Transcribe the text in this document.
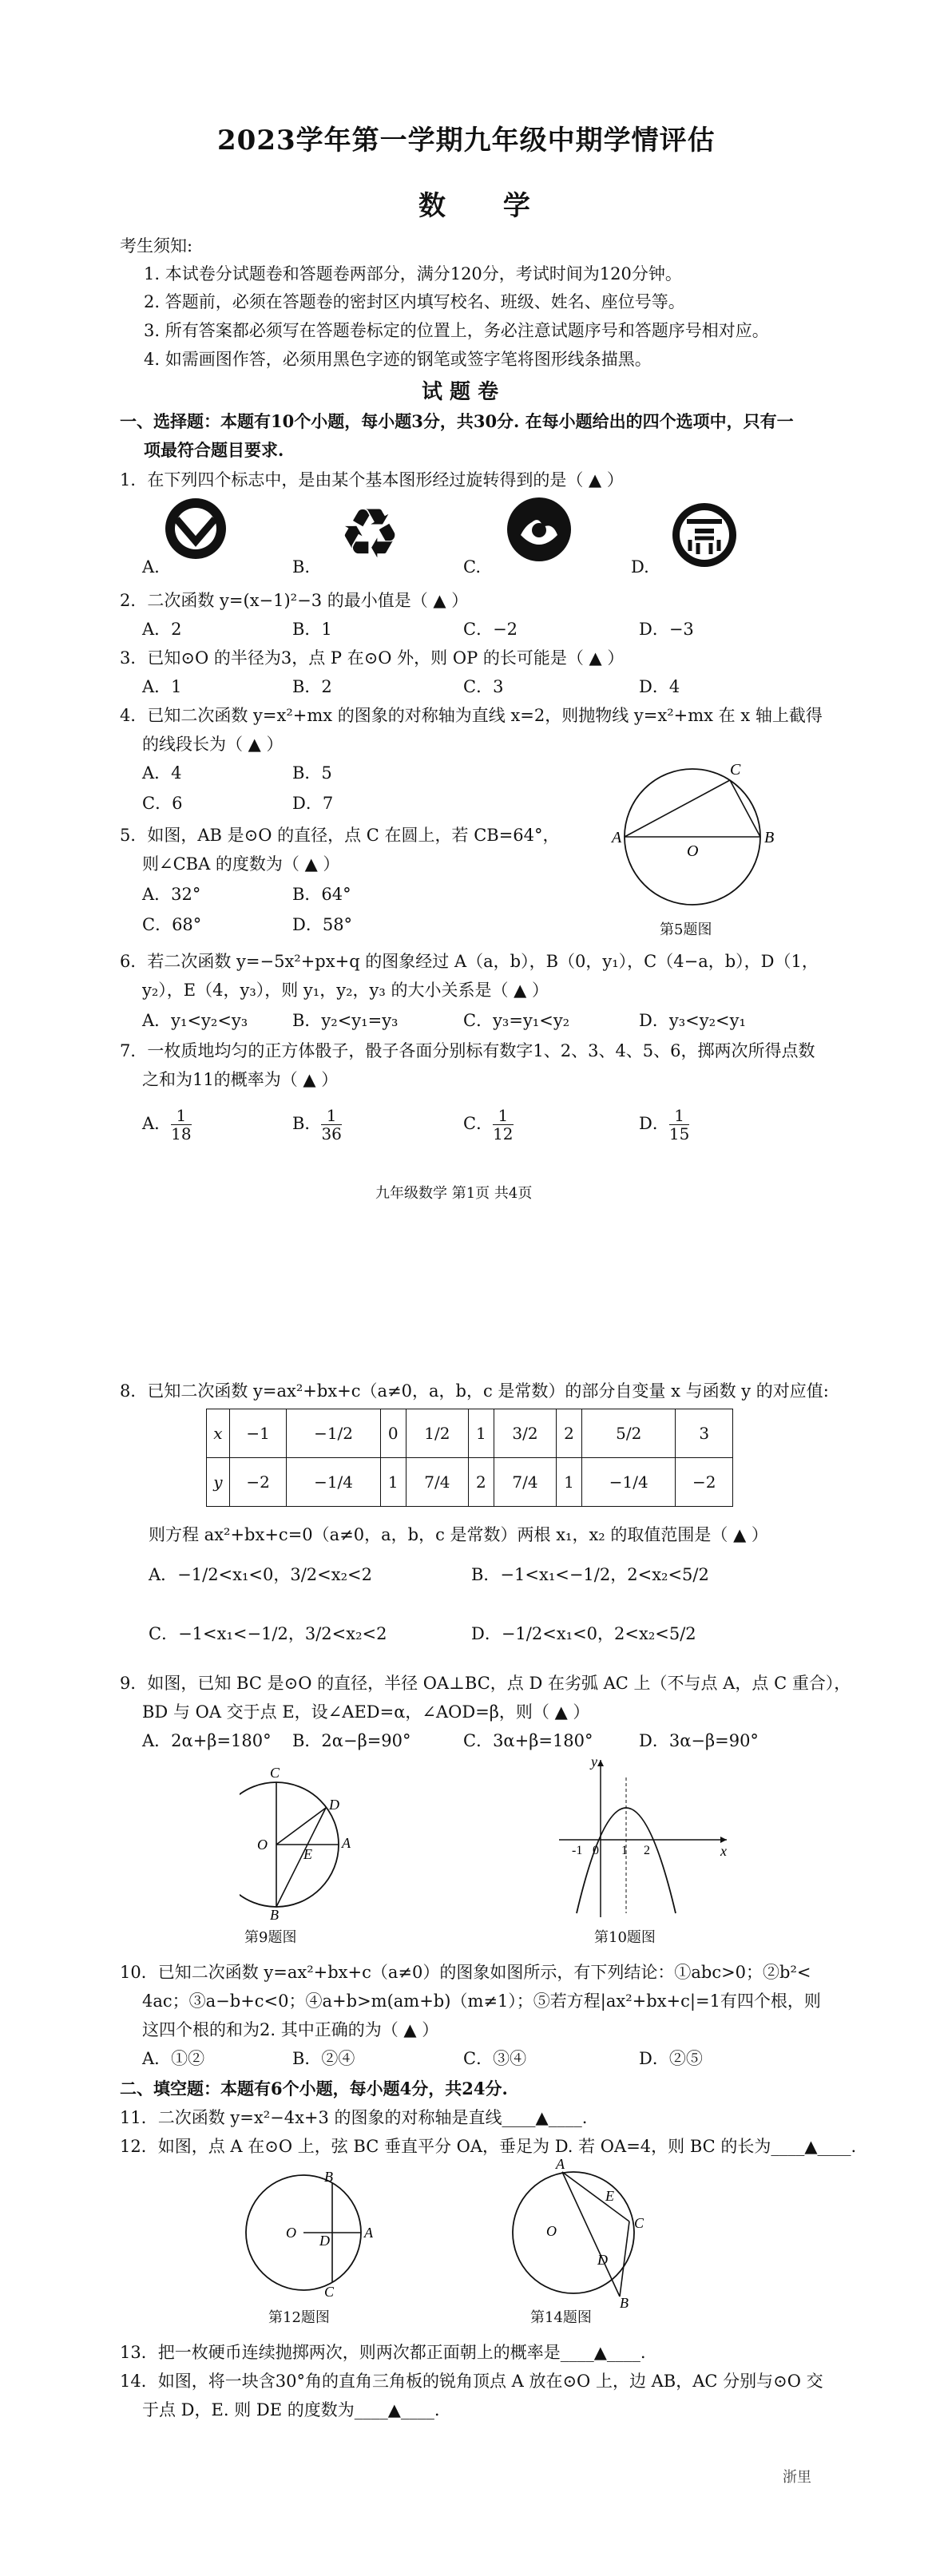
2023学年第一学期九年级中期学情评估
数 学
考生须知:
1. 本试卷分试题卷和答题卷两部分，满分120分，考试时间为120分钟。
2. 答题前，必须在答题卷的密封区内填写校名、班级、姓名、座位号等。
3. 所有答案都必须写在答题卷标定的位置上，务必注意试题序号和答题序号相对应。
4. 如需画图作答，必须用黑色字迹的钢笔或签字笔将图形线条描黑。
试 题 卷
一、选择题：本题有10个小题，每小题3分，共30分. 在每小题给出的四个选项中，只有一
项最符合题目要求.
1．在下列四个标志中，是由某个基本图形经过旋转得到的是（ ▲ ）
♻
A.	B.	C.	D.
2．二次函数 y=(x−1)²−3 的最小值是（ ▲ ）
A．2	B．1	C．−2	D．−3
3．已知⊙O 的半径为3，点 P 在⊙O 外，则 OP 的长可能是（ ▲ ）
A．1	B．2	C．3	D．4
4．已知二次函数 y=x²+mx 的图象的对称轴为直线 x=2，则抛物线 y=x²+mx 在 x 轴上截得
的线段长为（ ▲ ）
A．4	B．5
C．6	D．7
A
O
B
C
第5题图
5．如图，AB 是⊙O 的直径，点 C 在圆上，若 CB=64°，
则∠CBA 的度数为（ ▲ ）
A．32°	B．64°
C．68°	D．58°
6．若二次函数 y=−5x²+px+q 的图象经过 A（a，b），B（0，y₁），C（4−a，b），D（1，
y₂），E（4，y₃），则 y₁，y₂，y₃ 的大小关系是（ ▲ ）
A．y₁<y₂<y₃	B．y₂<y₁=y₃	C．y₃=y₁<y₂	D．y₃<y₂<y₁
7．一枚质地均匀的正方体骰子，骰子各面分别标有数字1、2、3、4、5、6，掷两次所得点数
之和为11的概率为（ ▲ ）
A． $\frac{1}{18}$	B． $\frac{1}{36}$	C． $\frac{1}{12}$	D． $\frac{1}{15}$
九年级数学 第1页 共4页
8．已知二次函数 y=ax²+bx+c（a≠0，a，b，c 是常数）的部分自变量 x 与函数 y 的对应值:
x	−1	−1/2	0	1/2	1	3/2	2	5/2	3
y	−2	−1/4	1	7/4	2	7/4	1	−1/4	−2
则方程 ax²+bx+c=0（a≠0，a，b，c 是常数）两根 x₁，x₂ 的取值范围是（ ▲ ）
A．−1/2<x₁<0，3/2<x₂<2	B．−1<x₁<−1/2，2<x₂<5/2
C．−1<x₁<−1/2，3/2<x₂<2	D．−1/2<x₁<0，2<x₂<5/2
9．如图，已知 BC 是⊙O 的直径，半径 OA⊥BC，点 D 在劣弧 AC 上（不与点 A，点 C 重合），
BD 与 OA 交于点 E，设∠AED=α，∠AOD=β，则（ ▲ ）
A．2α+β=180° B．2α−β=90°	C．3α+β=180°	D．3α−β=90°
C
D
O
E
A
B
第9题图
y
x
-1 0 1 2
第10题图
10．已知二次函数 y=ax²+bx+c（a≠0）的图象如图所示，有下列结论：①abc>0；②b²<
4ac；③a−b+c<0；④a+b>m(am+b)（m≠1）；⑤若方程|ax²+bx+c|=1有四个根，则
这四个根的和为2. 其中正确的为（ ▲ ）
A．①②	B．②④	C．③④	D．②⑤
二、填空题：本题有6个小题，每小题4分，共24分.
11．二次函数 y=x²−4x+3 的图象的对称轴是直线____▲____.
12．如图，点 A 在⊙O 上，弦 BC 垂直平分 OA，垂足为 D. 若 OA=4，则 BC 的长为____▲____.
B
O D A
C
第12题图
A
E
C
O
D
B
第14题图
13．把一枚硬币连续抛掷两次，则两次都正面朝上的概率是____▲____.
14．如图，将一块含30°角的直角三角板的锐角顶点 A 放在⊙O 上，边 AB，AC 分别与⊙O 交
于点 D，E. 则 DE 的度数为____▲____.
浙里
